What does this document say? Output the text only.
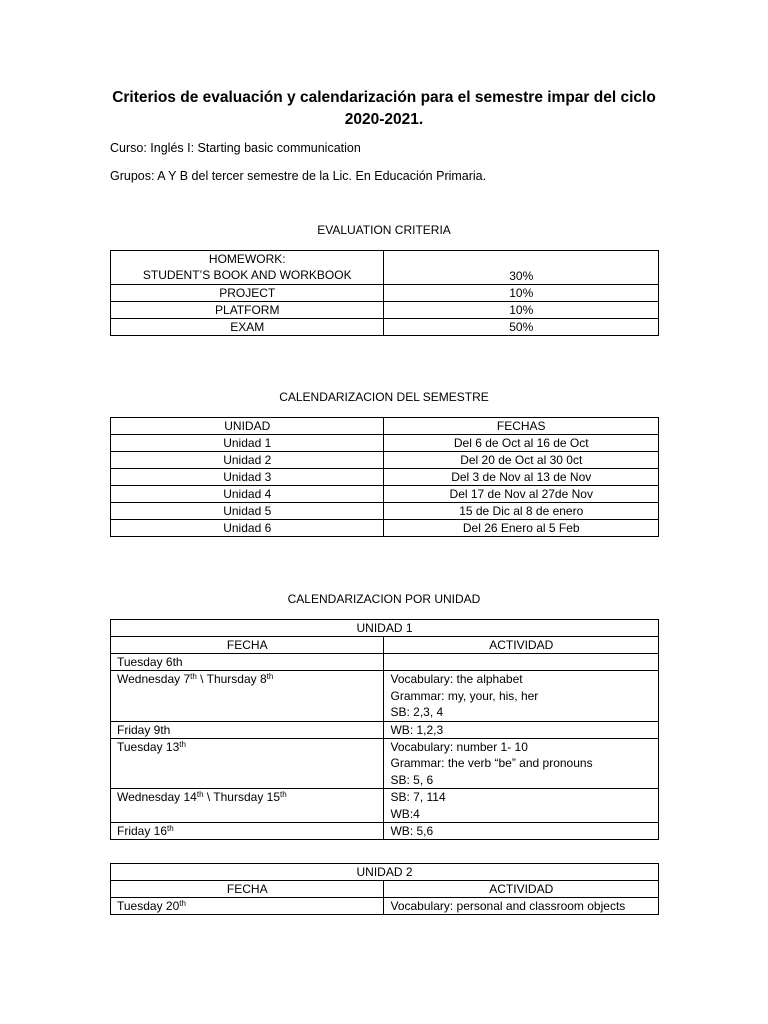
Criterios de evaluación y calendarización para el semestre impar del ciclo
2020-2021.
Curso: Inglés I: Starting basic communication
Grupos: A Y B del tercer semestre de la Lic. En Educación Primaria.
EVALUATION CRITERIA
HOMEWORK:
STUDENT’S BOOK AND WORKBOOK	30%
PROJECT	10%
PLATFORM	10%
EXAM	50%
CALENDARIZACION DEL SEMESTRE
UNIDAD	FECHAS
Unidad 1	Del 6 de Oct al 16 de Oct
Unidad 2	Del 20 de Oct al 30 0ct
Unidad 3	Del 3 de Nov al 13 de Nov
Unidad 4	Del 17 de Nov al 27de Nov
Unidad 5	15 de Dic al 8 de enero
Unidad 6	Del 26 Enero al 5 Feb
CALENDARIZACION POR UNIDAD
UNIDAD 1	
FECHA	ACTIVIDAD
Tuesday 6th	
Wednesday 7th \ Thursday 8th	Vocabulary: the alphabet
Grammar: my, your, his, her
SB: 2,3, 4

Friday 9th	WB: 1,2,3
Tuesday 13th	Vocabulary: number 1- 10
Grammar: the verb “be” and pronouns
SB: 5, 6

Wednesday 14th \ Thursday 15th	SB: 7, 114
WB:4

Friday 16th	WB: 5,6
UNIDAD 2	
FECHA	ACTIVIDAD
Tuesday 20th	Vocabulary: personal and classroom objects
